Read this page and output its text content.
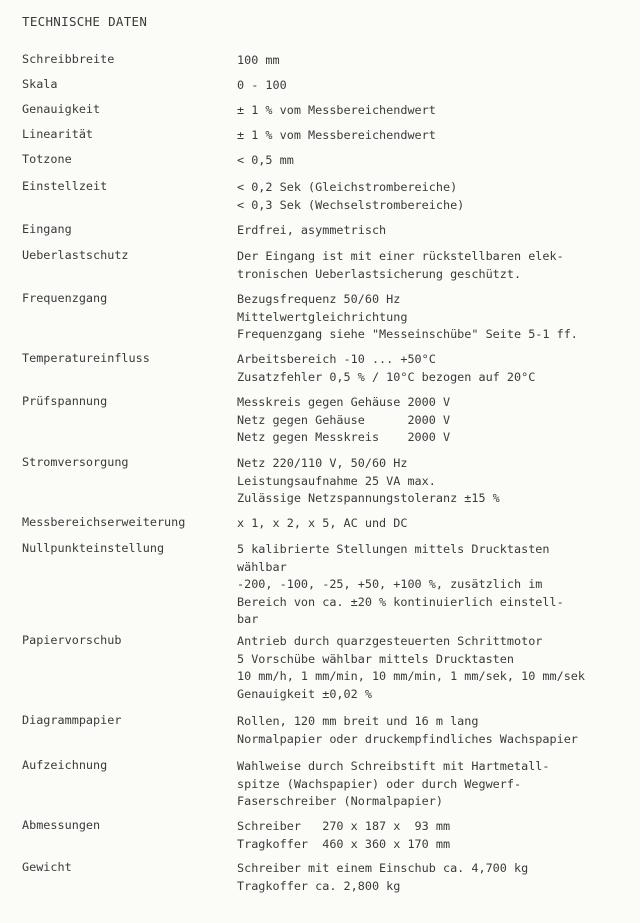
TECHNISCHE DATEN
Schreibbreite	100 mm
Skala	0 - 100
Genauigkeit	± 1 % vom Messbereichendwert
Linearität	± 1 % vom Messbereichendwert
Totzone	< 0,5 mm
Einstellzeit	< 0,2 Sek (Gleichstrombereiche)
< 0,3 Sek (Wechselstrombereiche)
Eingang	Erdfrei, asymmetrisch
Ueberlastschutz	Der Eingang ist mit einer rückstellbaren elek-
tronischen Ueberlastsicherung geschützt.
Frequenzgang	Bezugsfrequenz 50/60 Hz
Mittelwertgleichrichtung
Frequenzgang siehe "Messeinschübe" Seite 5-1 ff.
Temperatureinfluss	Arbeitsbereich -10 ... +50°C
Zusatzfehler 0,5 % / 10°C bezogen auf 20°C
Prüfspannung	Messkreis gegen Gehäuse 2000 V
Netz gegen Gehäuse      2000 V
Netz gegen Messkreis    2000 V
Stromversorgung	Netz 220/110 V, 50/60 Hz
Leistungsaufnahme 25 VA max.
Zulässige Netzspannungstoleranz ±15 %
Messbereichserweiterung	x 1, x 2, x 5, AC und DC
Nullpunkteinstellung	5 kalibrierte Stellungen mittels Drucktasten
wählbar
-200, -100, -25, +50, +100 %, zusätzlich im
Bereich von ca. ±20 % kontinuierlich einstell-
bar
Papiervorschub	Antrieb durch quarzgesteuerten Schrittmotor
5 Vorschübe wählbar mittels Drucktasten
10 mm/h, 1 mm/min, 10 mm/min, 1 mm/sek, 10 mm/sek
Genauigkeit ±0,02 %
Diagrammpapier	Rollen, 120 mm breit und 16 m lang
Normalpapier oder druckempfindliches Wachspapier
Aufzeichnung	Wahlweise durch Schreibstift mit Hartmetall-
spitze (Wachspapier) oder durch Wegwerf-
Faserschreiber (Normalpapier)
Abmessungen	Schreiber   270 x 187 x  93 mm
Tragkoffer  460 x 360 x 170 mm
Gewicht	Schreiber mit einem Einschub ca. 4,700 kg
Tragkoffer ca. 2,800 kg
